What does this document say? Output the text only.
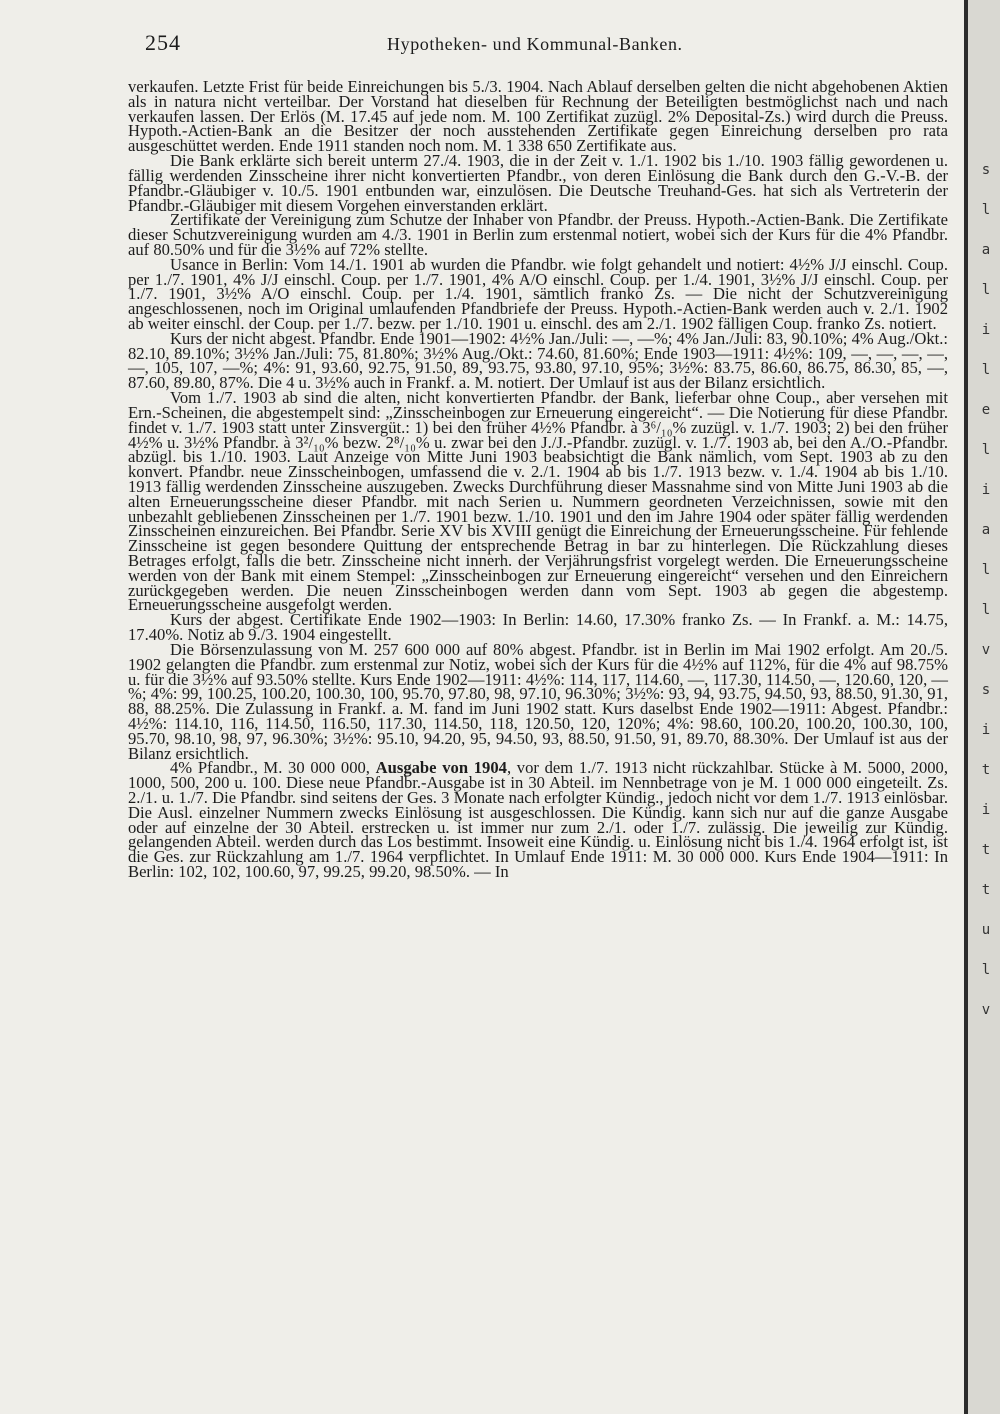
254	Hypotheken- und Kommunal-Banken.

verkaufen. Letzte Frist für beide Einreichungen bis 5./3. 1904. Nach Ablauf derselben gelten die nicht abgehobenen Aktien als in natura nicht verteilbar. Der Vorstand hat dieselben für Rechnung der Beteiligten bestmöglichst nach und nach verkaufen lassen. Der Erlös (M. 17.45 auf jede nom. M. 100 Zertifikat zuzügl. 2% Deposital-Zs.) wird durch die Preuss. Hypoth.-Actien-Bank an die Besitzer der noch ausstehenden Zertifikate gegen Einreichung derselben pro rata ausgeschüttet werden. Ende 1911 standen noch nom. M. 1 338 650 Zertifikate aus.

Die Bank erklärte sich bereit unterm 27./4. 1903, die in der Zeit v. 1./1. 1902 bis 1./10. 1903 fällig gewordenen u. fällig werdenden Zinsscheine ihrer nicht konvertierten Pfandbr., von deren Einlösung die Bank durch den G.-V.-B. der Pfandbr.-Gläubiger v. 10./5. 1901 entbunden war, einzulösen. Die Deutsche Treuhand-Ges. hat sich als Vertreterin der Pfandbr.-Gläubiger mit diesem Vorgehen einverstanden erklärt.

Zertifikate der Vereinigung zum Schutze der Inhaber von Pfandbr. der Preuss. Hypoth.-Actien-Bank. Die Zertifikate dieser Schutzvereinigung wurden am 4./3. 1901 in Berlin zum erstenmal notiert, wobei sich der Kurs für die 4% Pfandbr. auf 80.50% und für die 3½% auf 72% stellte.

Usance in Berlin: Vom 14./1. 1901 ab wurden die Pfandbr. wie folgt gehandelt und notiert: 4½% J/J einschl. Coup. per 1./7. 1901, 4% J/J einschl. Coup. per 1./7. 1901, 4% A/O einschl. Coup. per 1./4. 1901, 3½% J/J einschl. Coup. per 1./7. 1901, 3½% A/O einschl. Coup. per 1./4. 1901, sämtlich franko Zs. — Die nicht der Schutzvereinigung angeschlossenen, noch im Original umlaufenden Pfandbriefe der Preuss. Hypoth.-Actien-Bank werden auch v. 2./1. 1902 ab weiter einschl. der Coup. per 1./7. bezw. per 1./10. 1901 u. einschl. des am 2./1. 1902 fälligen Coup. franko Zs. notiert.

Kurs der nicht abgest. Pfandbr. Ende 1901—1902: 4½% Jan./Juli: —, —%; 4% Jan./Juli: 83, 90.10%; 4% Aug./Okt.: 82.10, 89.10%; 3½% Jan./Juli: 75, 81.80%; 3½% Aug./Okt.: 74.60, 81.60%; Ende 1903—1911: 4½%: 109, —, —, —, —, —, 105, 107, —%; 4%: 91, 93.60, 92.75, 91.50, 89, 93.75, 93.80, 97.10, 95%; 3½%: 83.75, 86.60, 86.75, 86.30, 85, —, 87.60, 89.80, 87%. Die 4 u. 3½% auch in Frankf. a. M. notiert. Der Umlauf ist aus der Bilanz ersichtlich.

Vom 1./7. 1903 ab sind die alten, nicht konvertierten Pfandbr. der Bank, lieferbar ohne Coup., aber versehen mit Ern.-Scheinen, die abgestempelt sind: „Zinsscheinbogen zur Erneuerung eingereicht“. — Die Notierung für diese Pfandbr. findet v. 1./7. 1903 statt unter Zinsvergüt.: 1) bei den früher 4½% Pfandbr. à 3⁶/₁₀% zuzügl. v. 1./7. 1903; 2) bei den früher 4½% u. 3½% Pfandbr. à 3²/₁₀% bezw. 2⁸/₁₀% u. zwar bei den J./J.-Pfandbr. zuzügl. v. 1./7. 1903 ab, bei den A./O.-Pfandbr. abzügl. bis 1./10. 1903. Laut Anzeige von Mitte Juni 1903 beabsichtigt die Bank nämlich, vom Sept. 1903 ab zu den konvert. Pfandbr. neue Zinsscheinbogen, umfassend die v. 2./1. 1904 ab bis 1./7. 1913 bezw. v. 1./4. 1904 ab bis 1./10. 1913 fällig werdenden Zinsscheine auszugeben. Zwecks Durchführung dieser Massnahme sind von Mitte Juni 1903 ab die alten Erneuerungsscheine dieser Pfandbr. mit nach Serien u. Nummern geordneten Verzeichnissen, sowie mit den unbezahlt gebliebenen Zinsscheinen per 1./7. 1901 bezw. 1./10. 1901 und den im Jahre 1904 oder später fällig werdenden Zinsscheinen einzureichen. Bei Pfandbr. Serie XV bis XVIII genügt die Einreichung der Erneuerungsscheine. Für fehlende Zinsscheine ist gegen besondere Quittung der entsprechende Betrag in bar zu hinterlegen. Die Rückzahlung dieses Betrages erfolgt, falls die betr. Zinsscheine nicht innerh. der Verjährungsfrist vorgelegt werden. Die Erneuerungsscheine werden von der Bank mit einem Stempel: „Zinsscheinbogen zur Erneuerung eingereicht“ versehen und den Einreichern zurückgegeben werden. Die neuen Zinsscheinbogen werden dann vom Sept. 1903 ab gegen die abgestemp. Erneuerungsscheine ausgefolgt werden.

Kurs der abgest. Certifikate Ende 1902—1903: In Berlin: 14.60, 17.30% franko Zs. — In Frankf. a. M.: 14.75, 17.40%. Notiz ab 9./3. 1904 eingestellt.

Die Börsenzulassung von M. 257 600 000 auf 80% abgest. Pfandbr. ist in Berlin im Mai 1902 erfolgt. Am 20./5. 1902 gelangten die Pfandbr. zum erstenmal zur Notiz, wobei sich der Kurs für die 4½% auf 112%, für die 4% auf 98.75% u. für die 3½% auf 93.50% stellte. Kurs Ende 1902—1911: 4½%: 114, 117, 114.60, —, 117.30, 114.50, —, 120.60, 120, —%; 4%: 99, 100.25, 100.20, 100.30, 100, 95.70, 97.80, 98, 97.10, 96.30%; 3½%: 93, 94, 93.75, 94.50, 93, 88.50, 91.30, 91, 88, 88.25%. Die Zulassung in Frankf. a. M. fand im Juni 1902 statt. Kurs daselbst Ende 1902—1911: Abgest. Pfandbr.: 4½%: 114.10, 116, 114.50, 116.50, 117.30, 114.50, 118, 120.50, 120, 120%; 4%: 98.60, 100.20, 100.20, 100.30, 100, 95.70, 98.10, 98, 97, 96.30%; 3½%: 95.10, 94.20, 95, 94.50, 93, 88.50, 91.50, 91, 89.70, 88.30%. Der Umlauf ist aus der Bilanz ersichtlich.

4% Pfandbr., M. 30 000 000, Ausgabe von 1904, vor dem 1./7. 1913 nicht rückzahlbar. Stücke à M. 5000, 2000, 1000, 500, 200 u. 100. Diese neue Pfandbr.-Ausgabe ist in 30 Abteil. im Nennbetrage von je M. 1 000 000 eingeteilt. Zs. 2./1. u. 1./7. Die Pfandbr. sind seitens der Ges. 3 Monate nach erfolgter Kündig., jedoch nicht vor dem 1./7. 1913 einlösbar. Die Ausl. einzelner Nummern zwecks Einlösung ist ausgeschlossen. Die Kündig. kann sich nur auf die ganze Ausgabe oder auf einzelne der 30 Abteil. erstrecken u. ist immer nur zum 2./1. oder 1./7. zulässig. Die jeweilig zur Kündig. gelangenden Abteil. werden durch das Los bestimmt. Insoweit eine Kündig. u. Einlösung nicht bis 1./4. 1964 erfolgt ist, ist die Ges. zur Rückzahlung am 1./7. 1964 verpflichtet. In Umlauf Ende 1911: M. 30 000 000. Kurs Ende 1904—1911: In Berlin: 102, 102, 100.60, 97, 99.25, 99.20, 98.50%. — In

s
l
a
l
i
l
e
l
i
a
l
l
v
s
i
t
i
t
t
u
l
v
